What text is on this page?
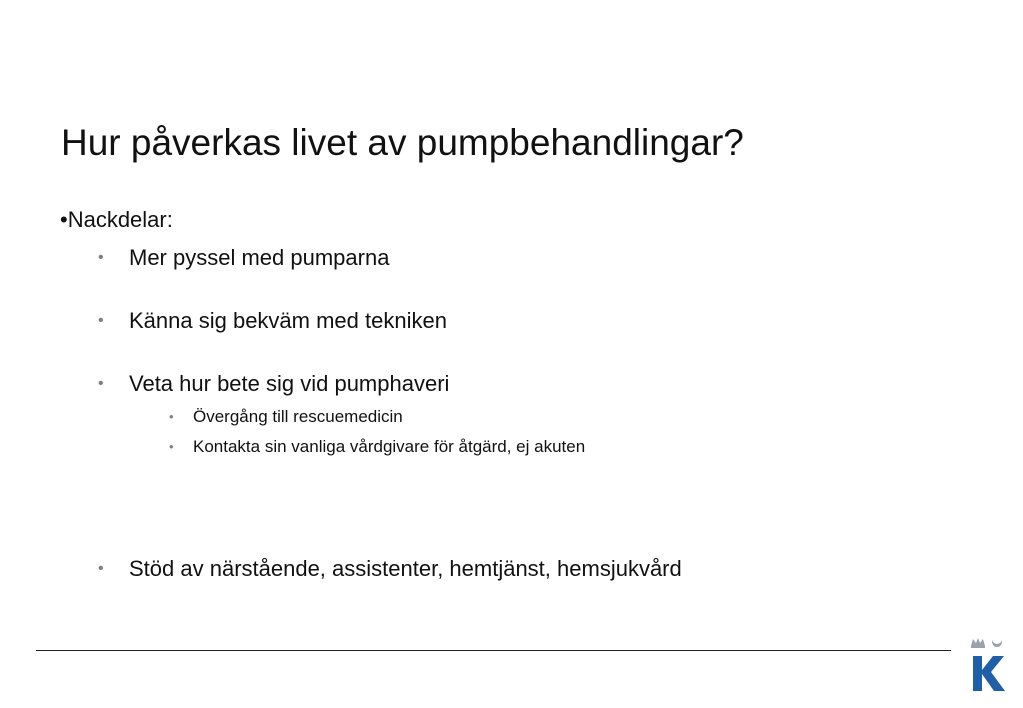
Hur påverkas livet av pumpbehandlingar?
•Nackdelar:
• Mer pyssel med pumparna
• Känna sig bekväm med tekniken
• Veta hur bete sig vid pumphaveri
• Övergång till rescuemedicin
• Kontakta sin vanliga vårdgivare för åtgärd, ej akuten
• Stöd av närstående, assistenter, hemtjänst, hemsjukvård
